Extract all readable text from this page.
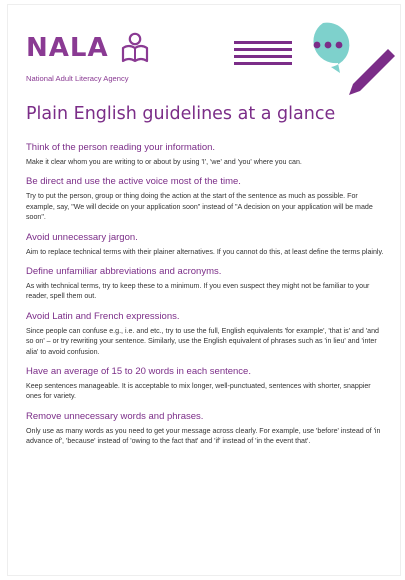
NALA
National Adult Literacy Agency
Plain English guidelines at a glance
Think of the person reading your information.

Make it clear whom you are writing to or about by using 'I', 'we' and 'you' where you can.

Be direct and use the active voice most of the time.

Try to put the person, group or thing doing the action at the start of the sentence as much as possible. For example, say, "We will decide on your application soon" instead of "A decision on your application will be made soon".

Avoid unnecessary jargon.

Aim to replace technical terms with their plainer alternatives. If you cannot do this, at least define the terms plainly.

Define unfamiliar abbreviations and acronyms.

As with technical terms, try to keep these to a minimum. If you even suspect they might not be familiar to your reader, spell them out.

Avoid Latin and French expressions.

Since people can confuse e.g., i.e. and etc., try to use the full, English equivalents 'for example', 'that is' and 'and so on' – or try rewriting your sentence. Similarly, use the English equivalent of phrases such as 'in lieu' and 'inter alia' to avoid confusion.

Have an average of 15 to 20 words in each sentence.

Keep sentences manageable. It is acceptable to mix longer, well-punctuated, sentences with shorter, snappier ones for variety.

Remove unnecessary words and phrases.

Only use as many words as you need to get your message across clearly. For example, use 'before' instead of 'in advance of', 'because' instead of 'owing to the fact that' and 'if' instead of 'in the event that'.
